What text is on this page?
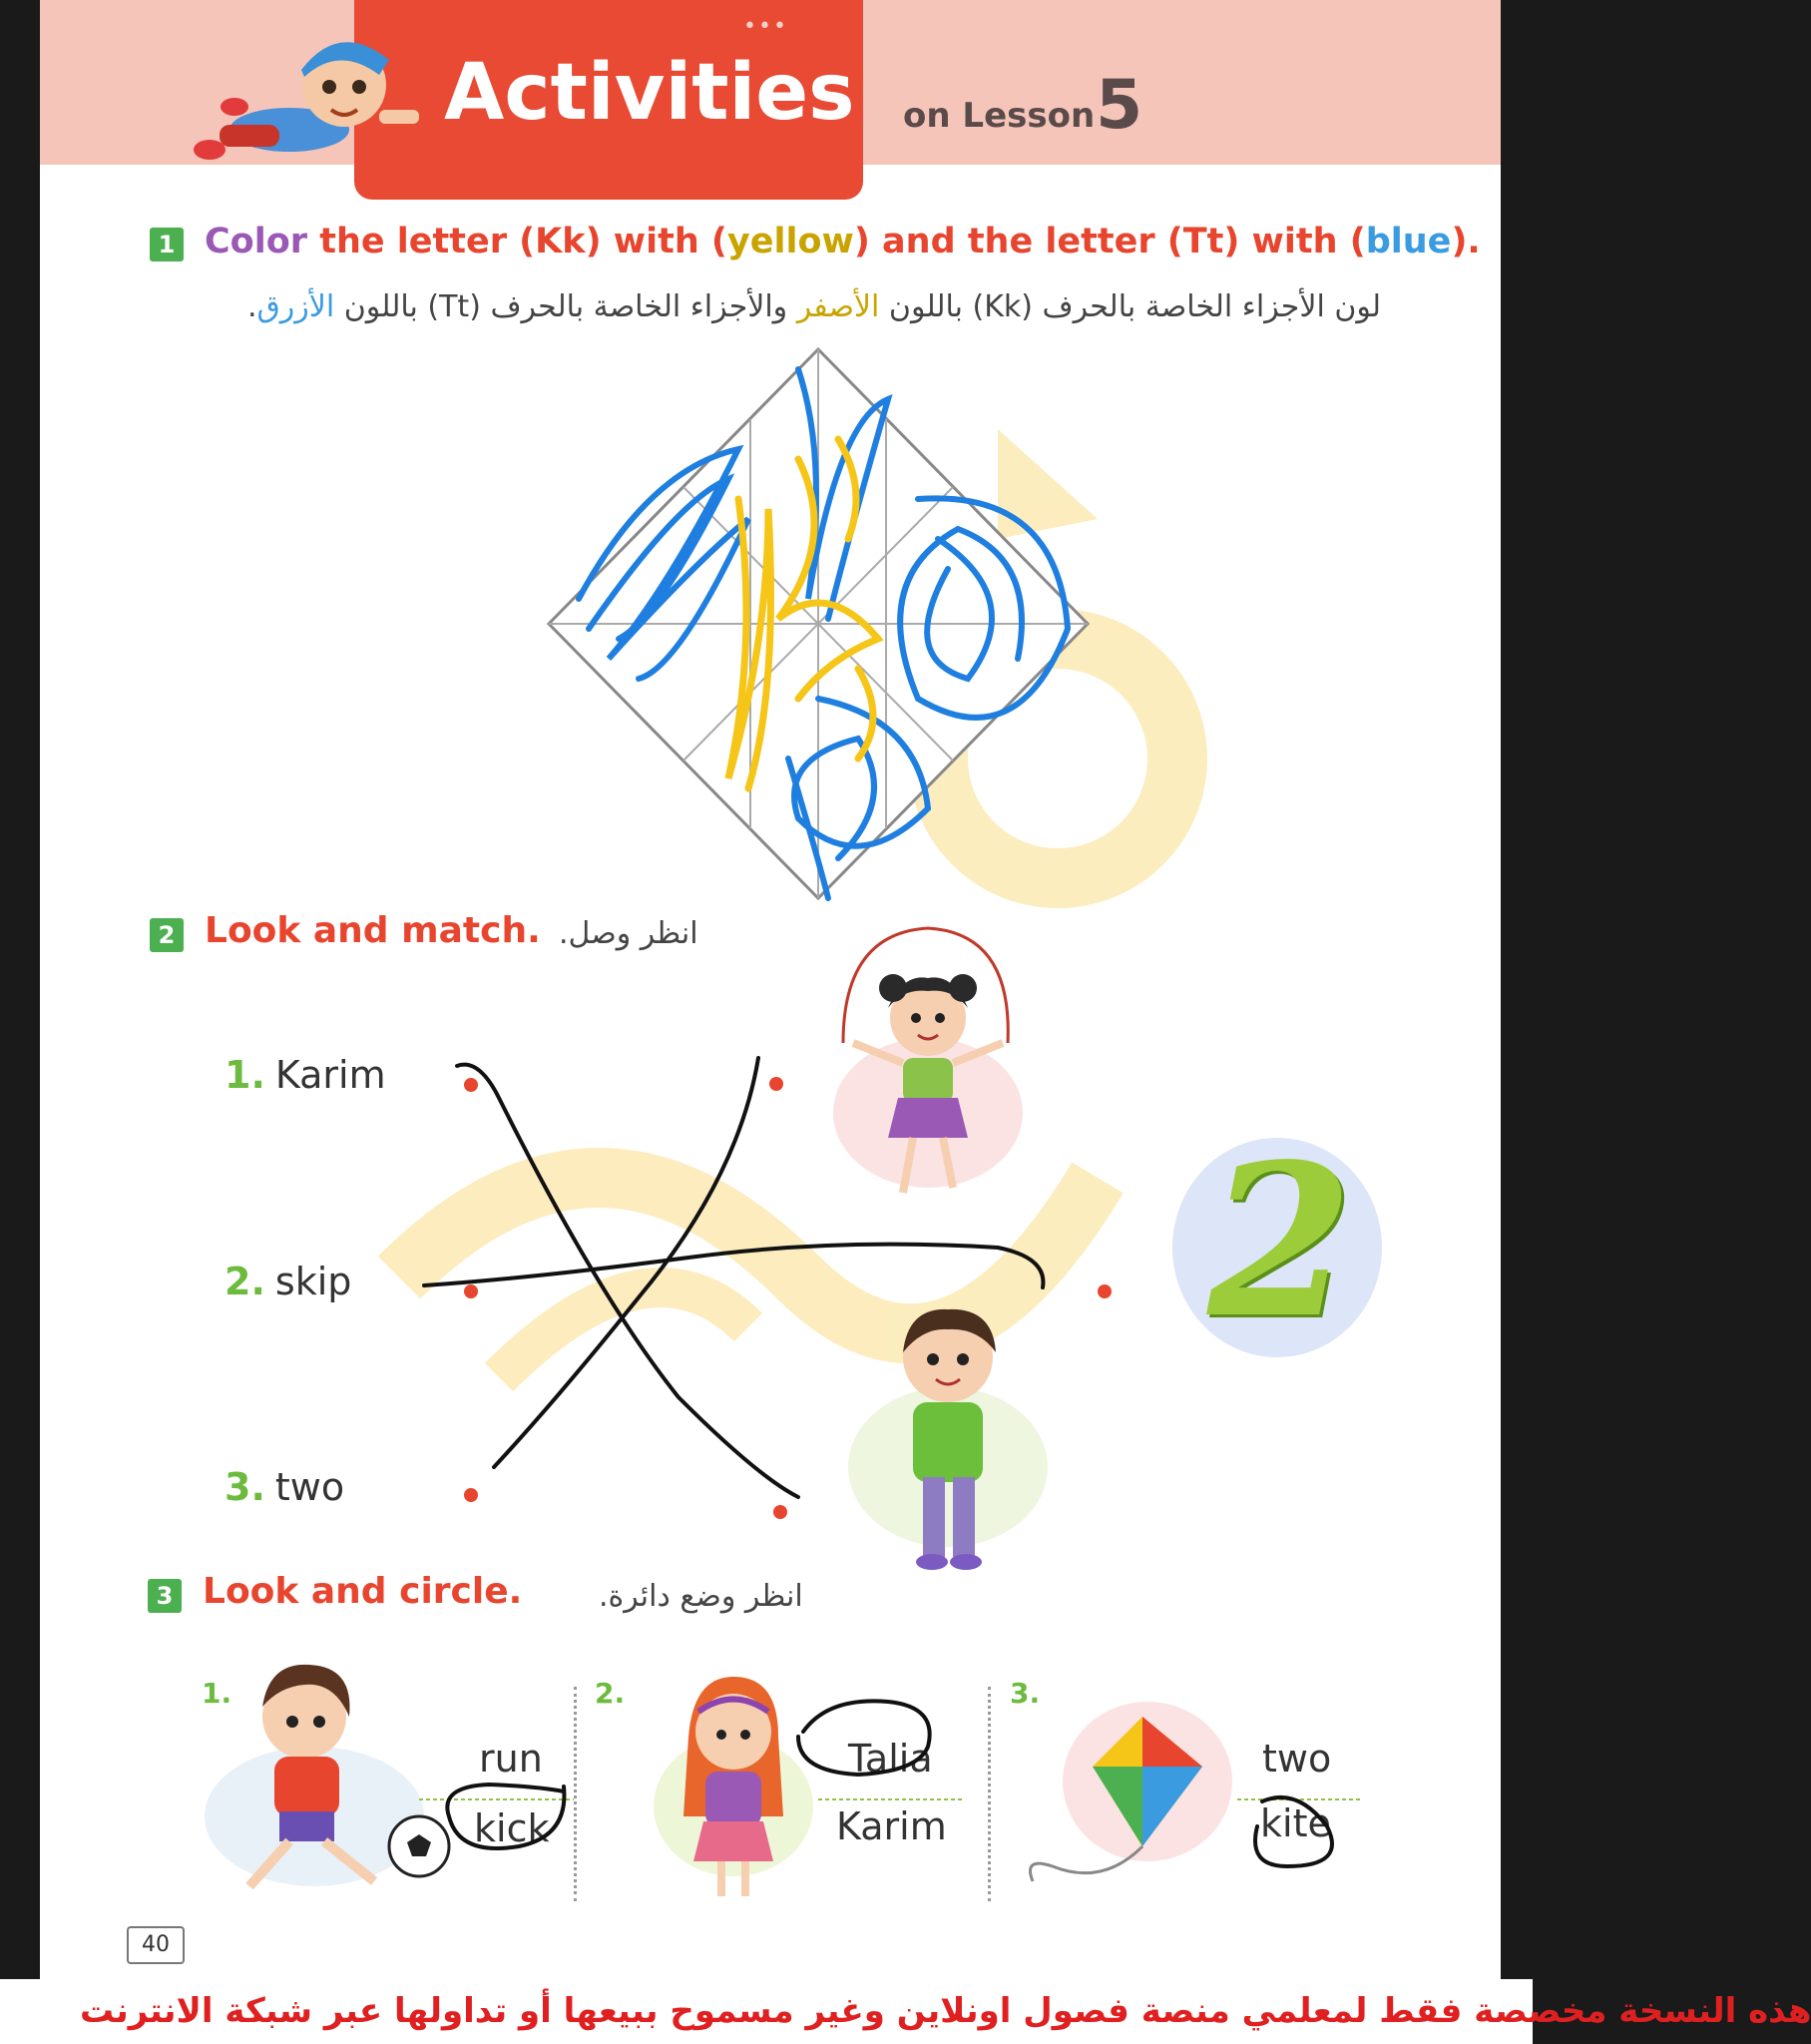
•••
Activities on Lesson 5
1 Color the letter (Kk) with (yellow) and the letter (Tt) with (blue).
لون الأجزاء الخاصة بالحرف (Kk) باللون الأصفر والأجزاء الخاصة بالحرف (Tt) باللون الأزرق.
2 Look and match. انظر وصل.
1. Karim
2. skip
3. two
2
3 Look and circle.	انظر وضع دائرة.
1.
run
kick
2.
Talia
Karim
3.
two
kite
40
هذه النسخة مخصصة فقط لمعلمي منصة فصول اونلاين وغير مسموح ببيعها أو تداولها عبر شبكة الانترنت
